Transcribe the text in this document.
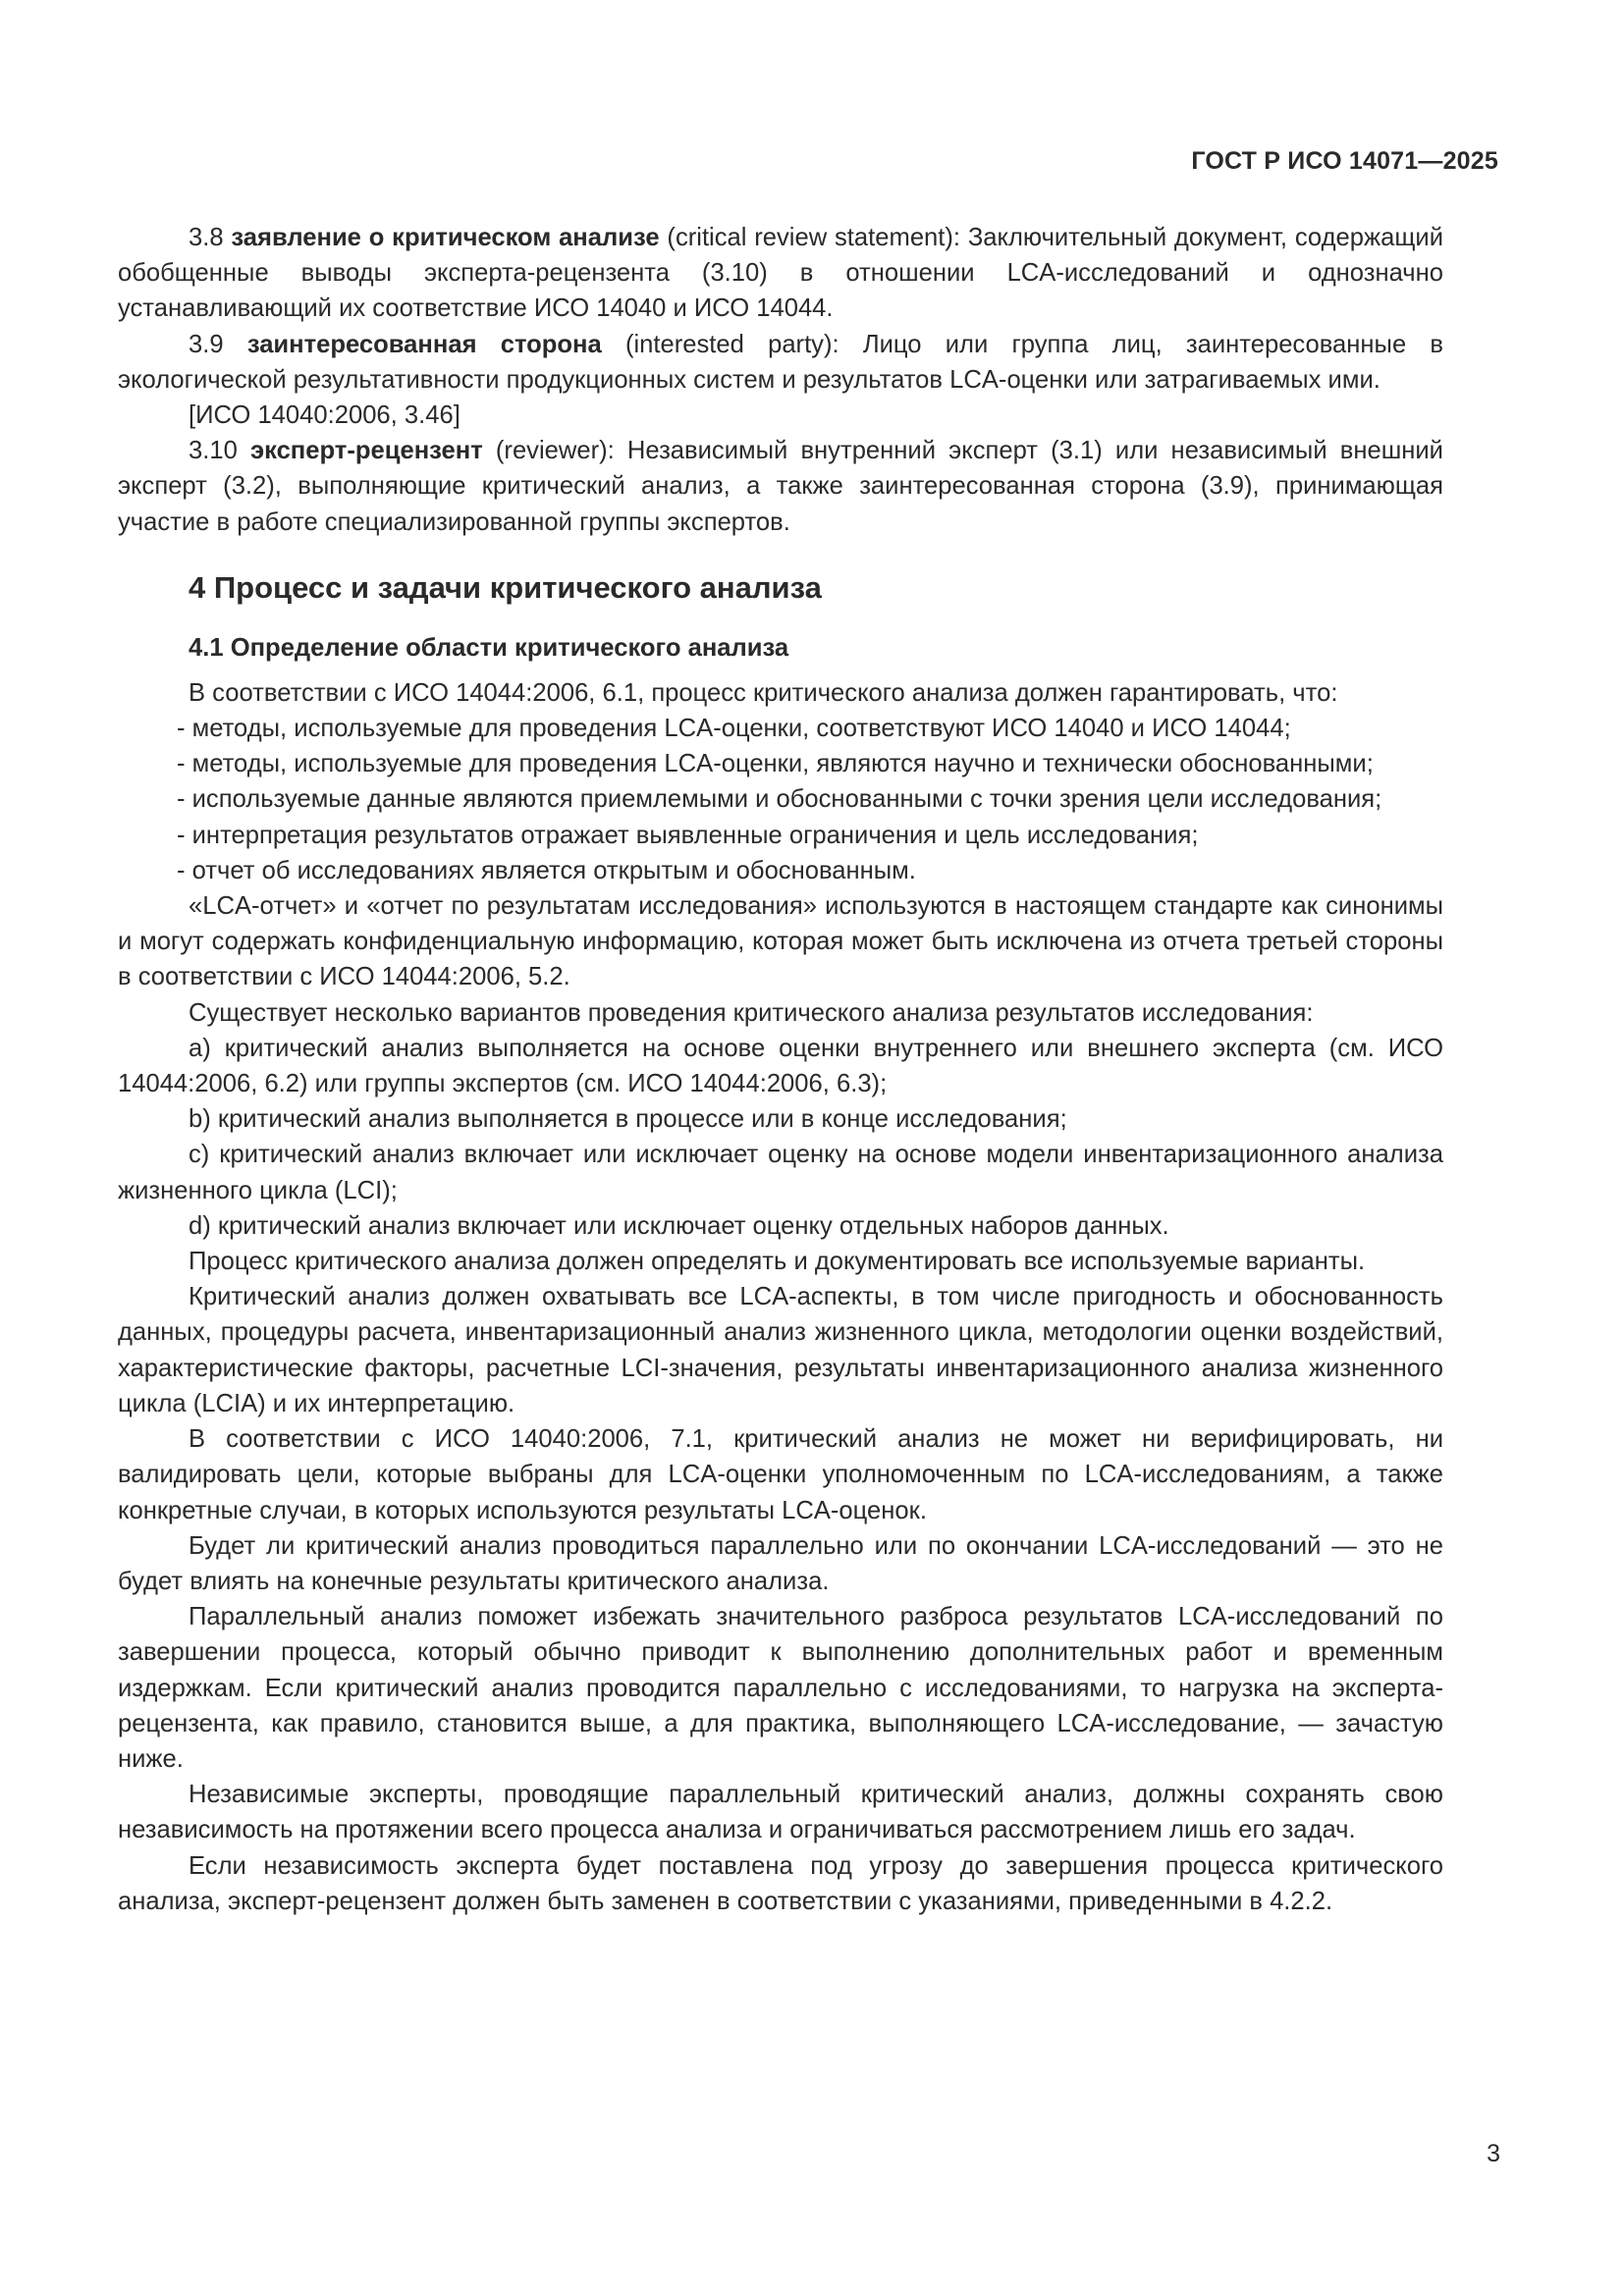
ГОСТ Р ИСО 14071—2025

3.8 заявление о критическом анализе (critical review statement): Заключительный документ, содержащий обобщенные выводы эксперта-рецензента (3.10) в отношении LCA-исследований и однозначно устанавливающий их соответствие ИСО 14040 и ИСО 14044.

3.9 заинтересованная сторона (interested party): Лицо или группа лиц, заинтересованные в экологической результативности продукционных систем и результатов LCA-оценки или затрагиваемых ими.

[ИСО 14040:2006, 3.46]

3.10 эксперт-рецензент (reviewer): Независимый внутренний эксперт (3.1) или независимый внешний эксперт (3.2), выполняющие критический анализ, а также заинтересованная сторона (3.9), принимающая участие в работе специализированной группы экспертов.

4 Процесс и задачи критического анализа
4.1 Определение области критического анализа

В соответствии с ИСО 14044:2006, 6.1, процесс критического анализа должен гарантировать, что:

- методы, используемые для проведения LCA-оценки, соответствуют ИСО 14040 и ИСО 14044;

- методы, используемые для проведения LCA-оценки, являются научно и технически обоснованными;

- используемые данные являются приемлемыми и обоснованными с точки зрения цели исследования;

- интерпретация результатов отражает выявленные ограничения и цель исследования;

- отчет об исследованиях является открытым и обоснованным.

«LCA-отчет» и «отчет по результатам исследования» используются в настоящем стандарте как синонимы и могут содержать конфиденциальную информацию, которая может быть исключена из отчета третьей стороны в соответствии с ИСО 14044:2006, 5.2.

Существует несколько вариантов проведения критического анализа результатов исследования:

a) критический анализ выполняется на основе оценки внутреннего или внешнего эксперта (см. ИСО 14044:2006, 6.2) или группы экспертов (см. ИСО 14044:2006, 6.3);

b) критический анализ выполняется в процессе или в конце исследования;

c) критический анализ включает или исключает оценку на основе модели инвентаризационного анализа жизненного цикла (LCI);

d) критический анализ включает или исключает оценку отдельных наборов данных.

Процесс критического анализа должен определять и документировать все используемые варианты.

Критический анализ должен охватывать все LCA-аспекты, в том числе пригодность и обоснованность данных, процедуры расчета, инвентаризационный анализ жизненного цикла, методологии оценки воздействий, характеристические факторы, расчетные LCI-значения, результаты инвентаризационного анализа жизненного цикла (LCIA) и их интерпретацию.

В соответствии с ИСО 14040:2006, 7.1, критический анализ не может ни верифицировать, ни валидировать цели, которые выбраны для LCA-оценки уполномоченным по LCA-исследованиям, а также конкретные случаи, в которых используются результаты LCA-оценок.

Будет ли критический анализ проводиться параллельно или по окончании LCA-исследований — это не будет влиять на конечные результаты критического анализа.

Параллельный анализ поможет избежать значительного разброса результатов LCA-исследований по завершении процесса, который обычно приводит к выполнению дополнительных работ и временным издержкам. Если критический анализ проводится параллельно с исследованиями, то нагрузка на эксперта-рецензента, как правило, становится выше, а для практика, выполняющего LCA-исследование, — зачастую ниже.

Независимые эксперты, проводящие параллельный критический анализ, должны сохранять свою независимость на протяжении всего процесса анализа и ограничиваться рассмотрением лишь его задач.

Если независимость эксперта будет поставлена под угрозу до завершения процесса критического анализа, эксперт-рецензент должен быть заменен в соответствии с указаниями, приведенными в 4.2.2.

3
